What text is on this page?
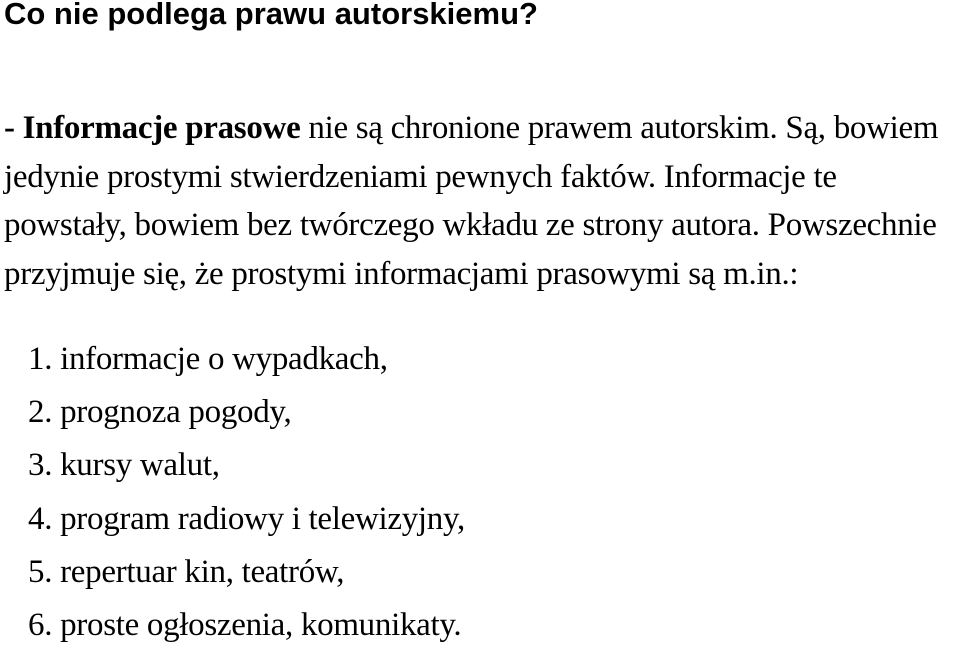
Co nie podlega prawu autorskiemu?

- Informacje prasowe nie są chronione prawem autorskim. Są, bowiem jedynie prostymi stwierdzeniami pewnych faktów. Informacje te powstały, bowiem bez twórczego wkładu ze strony autora. Powszechnie przyjmuje się, że prostymi informacjami prasowymi są m.in.:

1. informacje o wypadkach,
2. prognoza pogody,
3. kursy walut,
4. program radiowy i telewizyjny,
5. repertuar kin, teatrów,
6. proste ogłoszenia, komunikaty.
